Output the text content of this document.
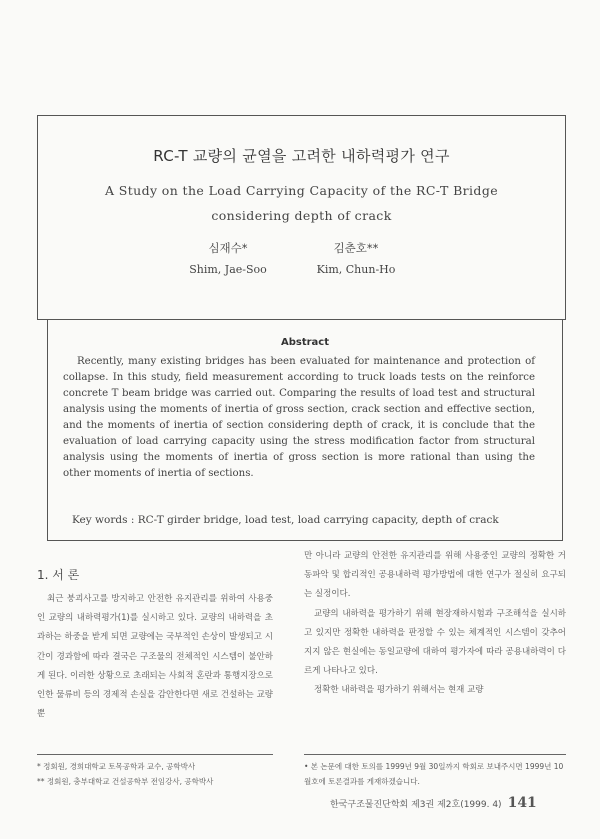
RC-T 교량의 균열을 고려한 내하력평가 연구
A Study on the Load Carrying Capacity of the RC-T Bridge
considering depth of crack
심재수*
Shim, Jae-Soo
김춘호**
Kim, Chun-Ho
Abstract
Recently, many existing bridges has been evaluated for maintenance and protection of collapse. In this study, field measurement according to truck loads tests on the reinforce concrete T beam bridge was carried out. Comparing the results of load test and structural analysis using the moments of inertia of gross section, crack section and effective section, and the moments of inertia of section considering depth of crack, it is conclude that the evaluation of load carrying capacity using the stress modification factor from structural analysis using the moments of inertia of gross section is more rational than using the other moments of inertia of sections.
Key words : RC-T girder bridge, load test, load carrying capacity, depth of crack
1. 서 론

최근 붕괴사고를 방지하고 안전한 유지관리를 위하여 사용중인 교량의 내하력평가(1)를 실시하고 있다. 교량의 내하력을 초과하는 하중을 받게 되면 교량에는 국부적인 손상이 발생되고 시간이 경과함에 따라 결국은 구조물의 전체적인 시스템이 불안하게 된다. 이러한 상황으로 초래되는 사회적 혼란과 통행지장으로 인한 물류비 등의 경제적 손실을 감안한다면 새로 건설하는 교량 뿐

만 아니라 교량의 안전한 유지관리를 위해 사용중인 교량의 정확한 거동파악 및 합리적인 공용내하력 평가방법에 대한 연구가 절실히 요구되는 실정이다.

교량의 내하력을 평가하기 위해 현장재하시험과 구조해석을 실시하고 있지만 정확한 내하력을 판정할 수 있는 체계적인 시스템이 갖추어지지 않은 현실에는 동일교량에 대하여 평가자에 따라 공용내하력이 다르게 나타나고 있다.

정확한 내하력을 평가하기 위해서는 현재 교량

* 정회원, 경희대학교 토목공학과 교수, 공학박사
** 정회원, 충부대학교 건설공학부 전임강사, 공학박사
• 본 논문에 대한 토의를 1999년 9월 30일까지 학회로 보내주시면 1999년 10월호에 토론결과를 게재하겠습니다.
한국구조물진단학회 제3권 제2호(1999. 4) 141
